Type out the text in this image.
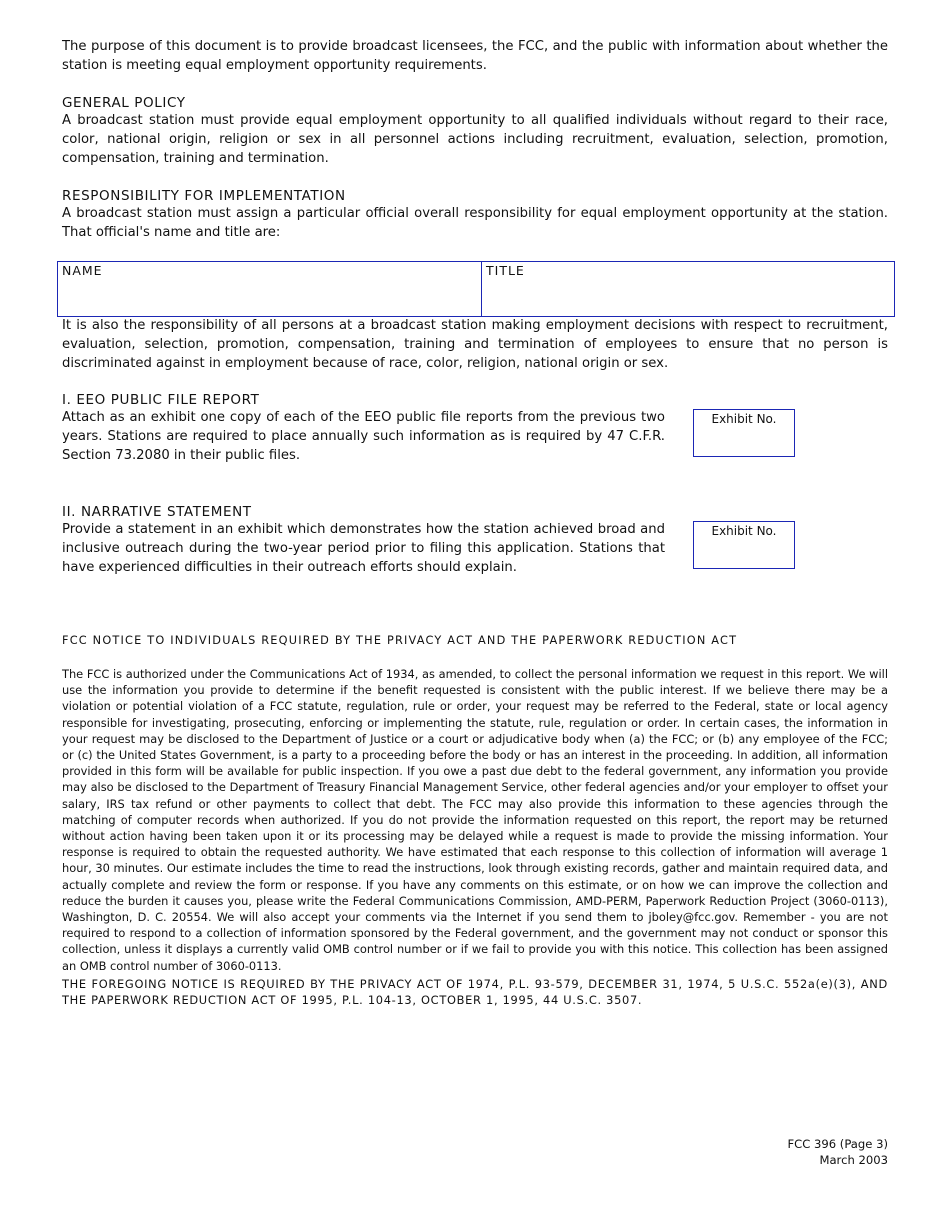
The purpose of this document is to provide broadcast licensees, the FCC, and the public with information about whether the station is meeting equal employment opportunity requirements.

GENERAL POLICY

A broadcast station must provide equal employment opportunity to all qualified individuals without regard to their race, color, national origin, religion or sex in all personnel actions including recruitment, evaluation, selection, promotion, compensation, training and termination.

RESPONSIBILITY FOR IMPLEMENTATION

A broadcast station must assign a particular official overall responsibility for equal employment opportunity at the station. That official's name and title are:

NAME	TITLE

It is also the responsibility of all persons at a broadcast station making employment decisions with respect to recruitment, evaluation, selection, promotion, compensation, training and termination of employees to ensure that no person is discriminated against in employment because of race, color, religion, national origin or sex.

I. EEO PUBLIC FILE REPORT

Attach as an exhibit one copy of each of the EEO public file reports from the previous two years. Stations are required to place annually such information as is required by 47 C.F.R. Section 73.2080 in their public files.

Exhibit No.

II. NARRATIVE STATEMENT

Provide a statement in an exhibit which demonstrates how the station achieved broad and inclusive outreach during the two-year period prior to filing this application. Stations that have experienced difficulties in their outreach efforts should explain.

Exhibit No.

FCC NOTICE TO INDIVIDUALS REQUIRED BY THE PRIVACY ACT AND THE PAPERWORK REDUCTION ACT

The FCC is authorized under the Communications Act of 1934, as amended, to collect the personal information we request in this report. We will use the information you provide to determine if the benefit requested is consistent with the public interest. If we believe there may be a violation or potential violation of a FCC statute, regulation, rule or order, your request may be referred to the Federal, state or local agency responsible for investigating, prosecuting, enforcing or implementing the statute, rule, regulation or order. In certain cases, the information in your request may be disclosed to the Department of Justice or a court or adjudicative body when (a) the FCC; or (b) any employee of the FCC; or (c) the United States Government, is a party to a proceeding before the body or has an interest in the proceeding. In addition, all information provided in this form will be available for public inspection. If you owe a past due debt to the federal government, any information you provide may also be disclosed to the Department of Treasury Financial Management Service, other federal agencies and/or your employer to offset your salary, IRS tax refund or other payments to collect that debt. The FCC may also provide this information to these agencies through the matching of computer records when authorized. If you do not provide the information requested on this report, the report may be returned without action having been taken upon it or its processing may be delayed while a request is made to provide the missing information. Your response is required to obtain the requested authority. We have estimated that each response to this collection of information will average 1 hour, 30 minutes. Our estimate includes the time to read the instructions, look through existing records, gather and maintain required data, and actually complete and review the form or response. If you have any comments on this estimate, or on how we can improve the collection and reduce the burden it causes you, please write the Federal Communications Commission, AMD-PERM, Paperwork Reduction Project (3060-0113), Washington, D. C. 20554. We will also accept your comments via the Internet if you send them to jboley@fcc.gov. Remember - you are not required to respond to a collection of information sponsored by the Federal government, and the government may not conduct or sponsor this collection, unless it displays a currently valid OMB control number or if we fail to provide you with this notice. This collection has been assigned an OMB control number of 3060-0113.

THE FOREGOING NOTICE IS REQUIRED BY THE PRIVACY ACT OF 1974, P.L. 93-579, DECEMBER 31, 1974, 5 U.S.C. 552a(e)(3), AND THE PAPERWORK REDUCTION ACT OF 1995, P.L. 104-13, OCTOBER 1, 1995, 44 U.S.C. 3507.

FCC 396 (Page 3)
March 2003
